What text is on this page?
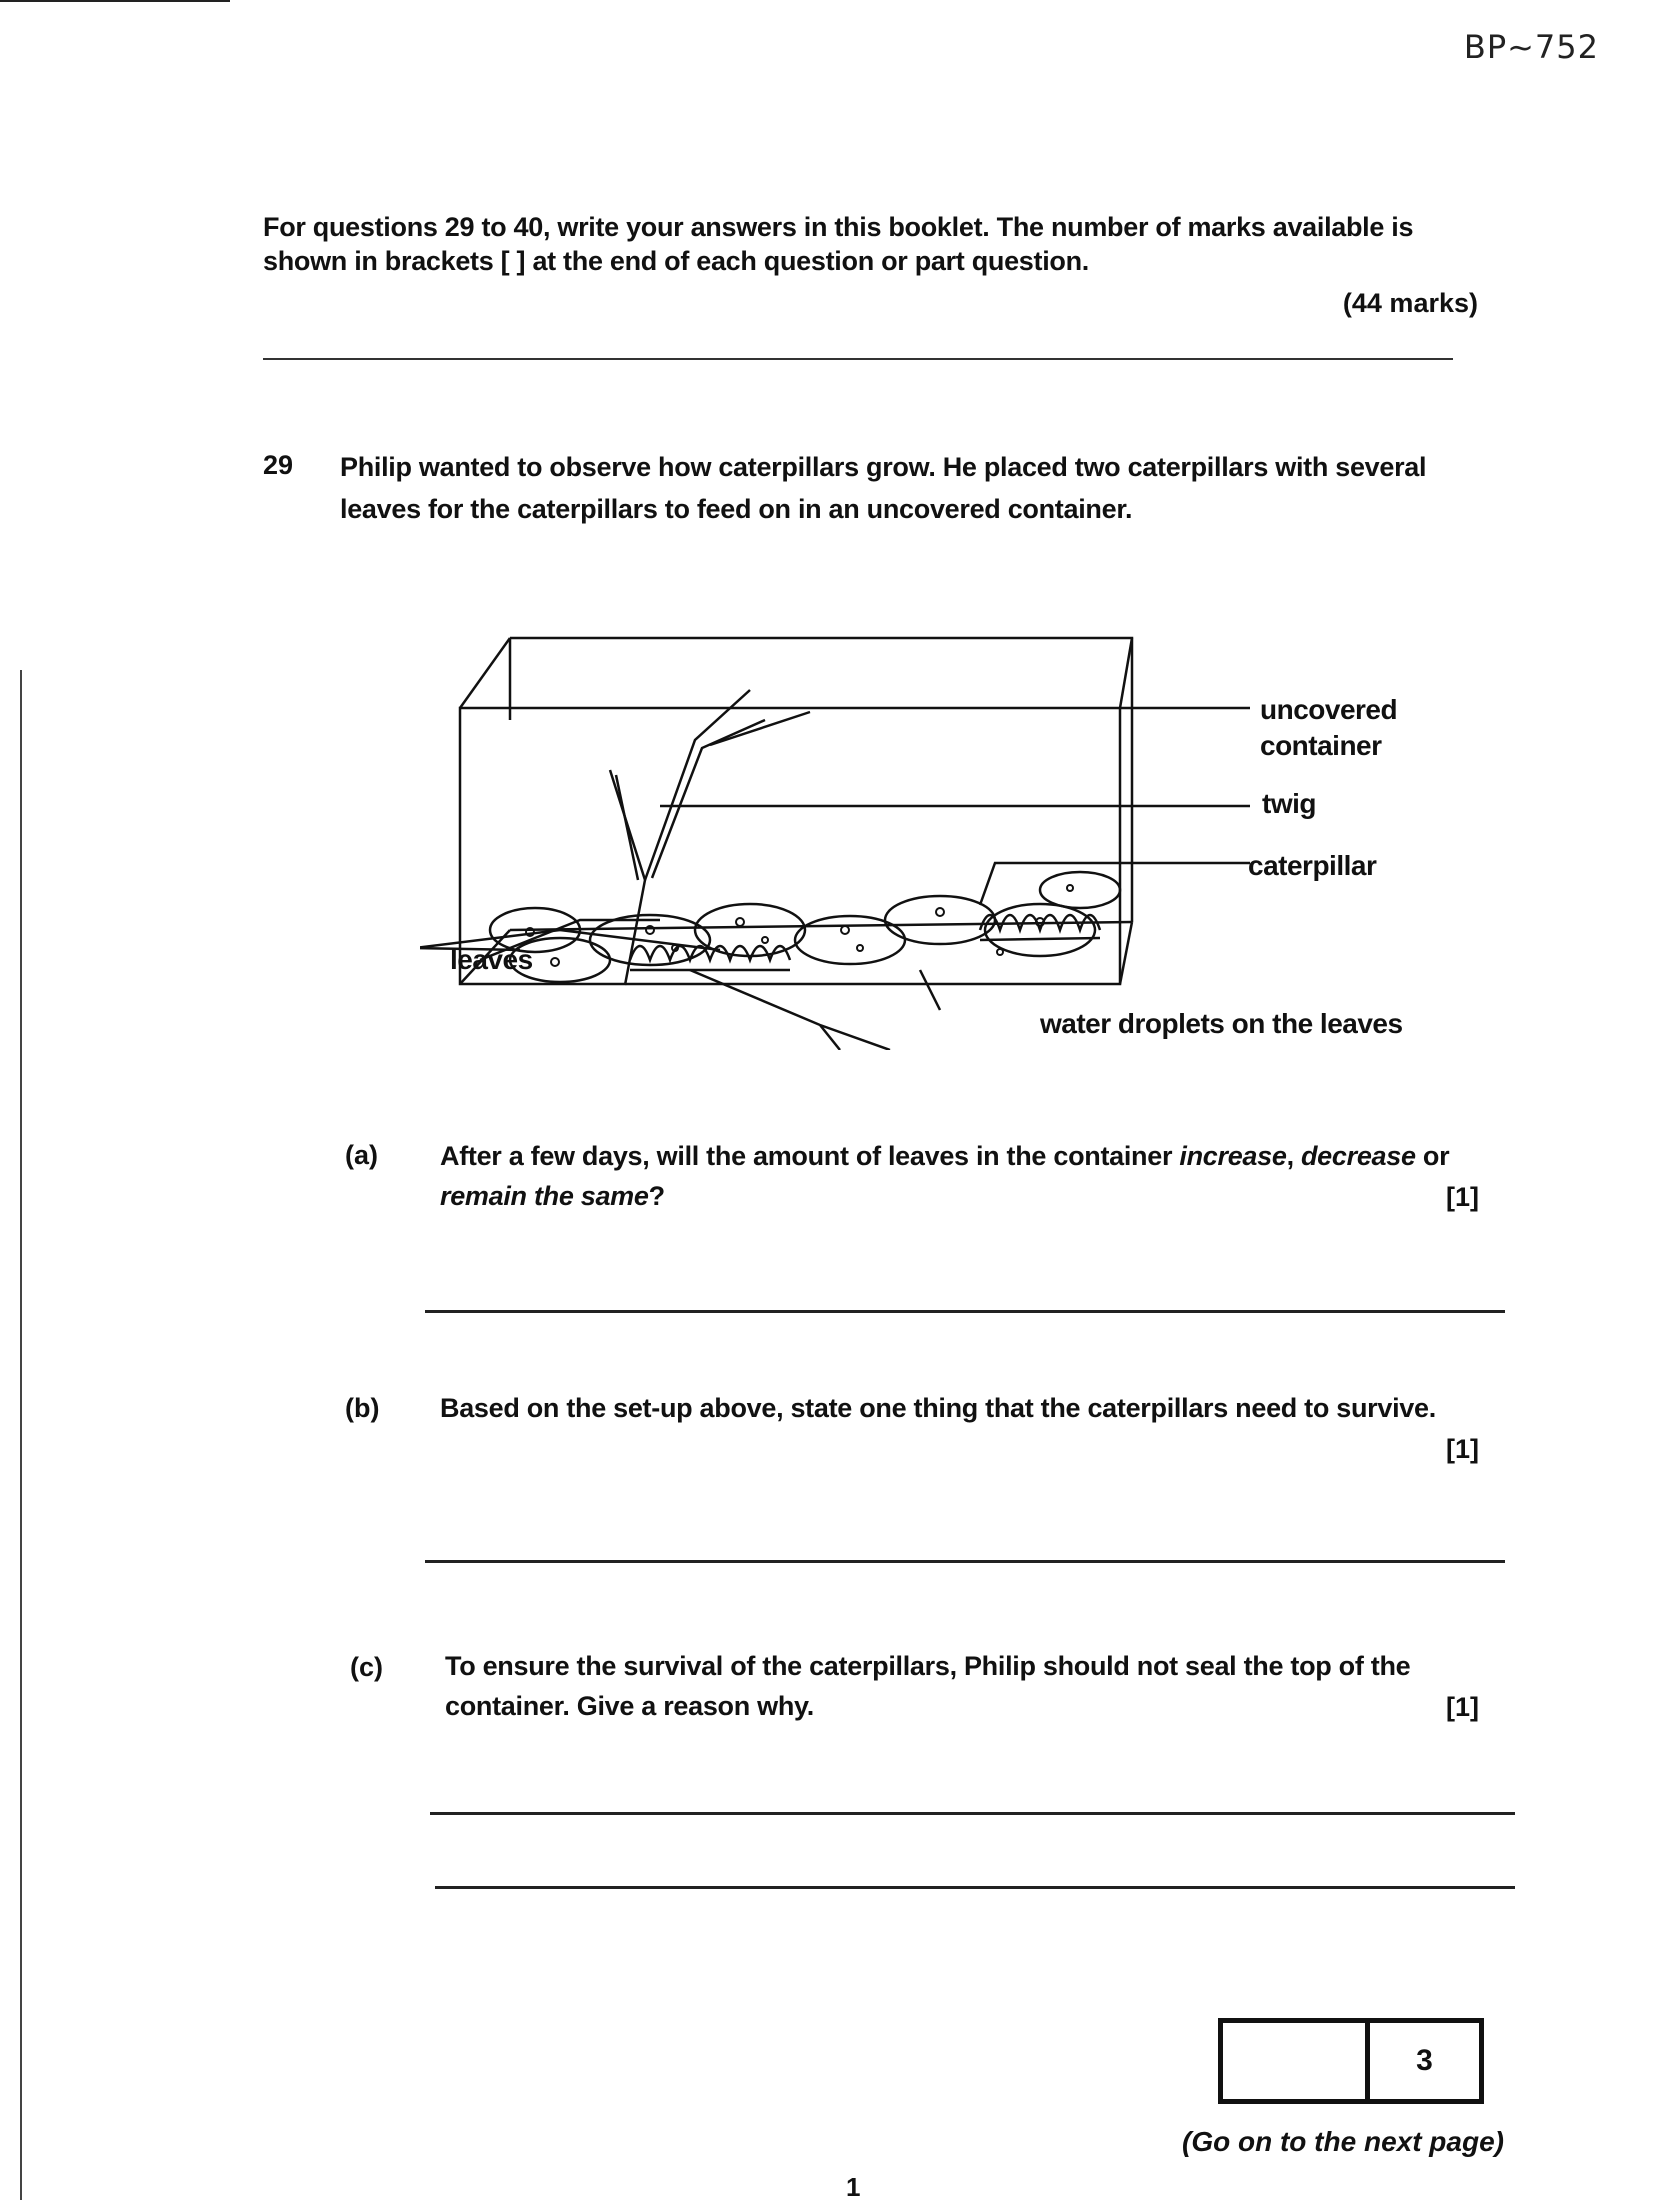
BP~752
For questions 29 to 40, write your answers in this booklet. The number of marks available is shown in brackets [ ] at the end of each question or part question.
(44 marks)
29 Philip wanted to observe how caterpillars grow. He placed two caterpillars with several leaves for the caterpillars to feed on in an uncovered container.
uncovered
container
twig
caterpillar
leaves
water droplets on the leaves
(a) After a few days, will the amount of leaves in the container increase, decrease or remain the same?	[1]
(b) Based on the set-up above, state one thing that the caterpillars need to survive.
[1]
(c) To ensure the survival of the caterpillars, Philip should not seal the top of the container. Give a reason why.	[1]
3
(Go on to the next page)
1
